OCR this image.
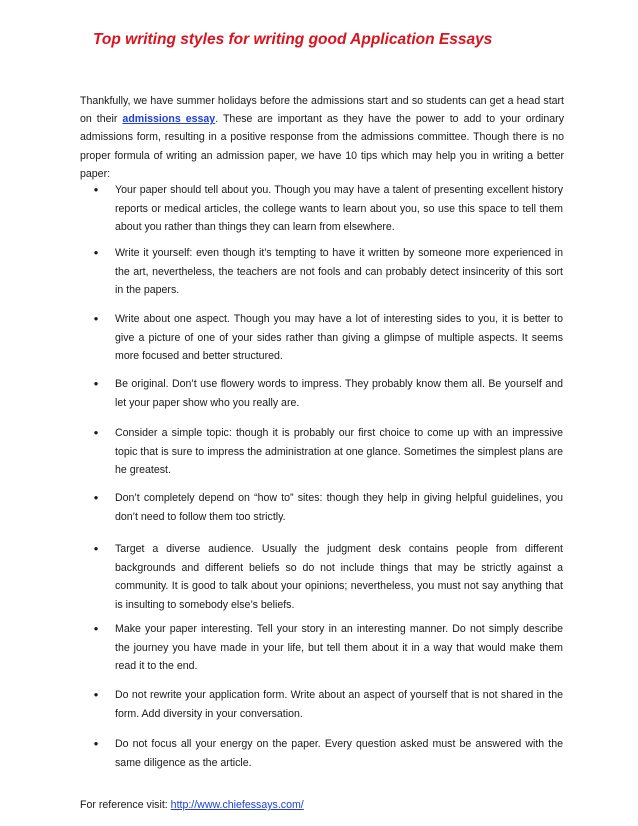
Top writing styles for writing good Application Essays

Thankfully, we have summer holidays before the admissions start and so students can get a head start on their admissions essay. These are important as they have the power to add to your ordinary admissions form, resulting in a positive response from the admissions committee. Though there is no proper formula of writing an admission paper, we have 10 tips which may help you in writing a better paper:

● Your paper should tell about you. Though you may have a talent of presenting excellent history reports or medical articles, the college wants to learn about you, so use this space to tell them about you rather than things they can learn from elsewhere.
● Write it yourself: even though it’s tempting to have it written by someone more experienced in the art, nevertheless, the teachers are not fools and can probably detect insincerity of this sort in the papers.
● Write about one aspect. Though you may have a lot of interesting sides to you, it is better to give a picture of one of your sides rather than giving a glimpse of multiple aspects. It seems more focused and better structured.
● Be original. Don’t use flowery words to impress. They probably know them all. Be yourself and let your paper show who you really are.
● Consider a simple topic: though it is probably our first choice to come up with an impressive topic that is sure to impress the administration at one glance. Sometimes the simplest plans are he greatest.
● Don’t completely depend on “how to” sites: though they help in giving helpful guidelines, you don’t need to follow them too strictly.
● Target a diverse audience. Usually the judgment desk contains people from different backgrounds and different beliefs so do not include things that may be strictly against a community. It is good to talk about your opinions; nevertheless, you must not say anything that is insulting to somebody else’s beliefs.
● Make your paper interesting. Tell your story in an interesting manner. Do not simply describe the journey you have made in your life, but tell them about it in a way that would make them read it to the end.
● Do not rewrite your application form. Write about an aspect of yourself that is not shared in the form. Add diversity in your conversation.
● Do not focus all your energy on the paper. Every question asked must be answered with the same diligence as the article.

For reference visit: http://www.chiefessays.com/
